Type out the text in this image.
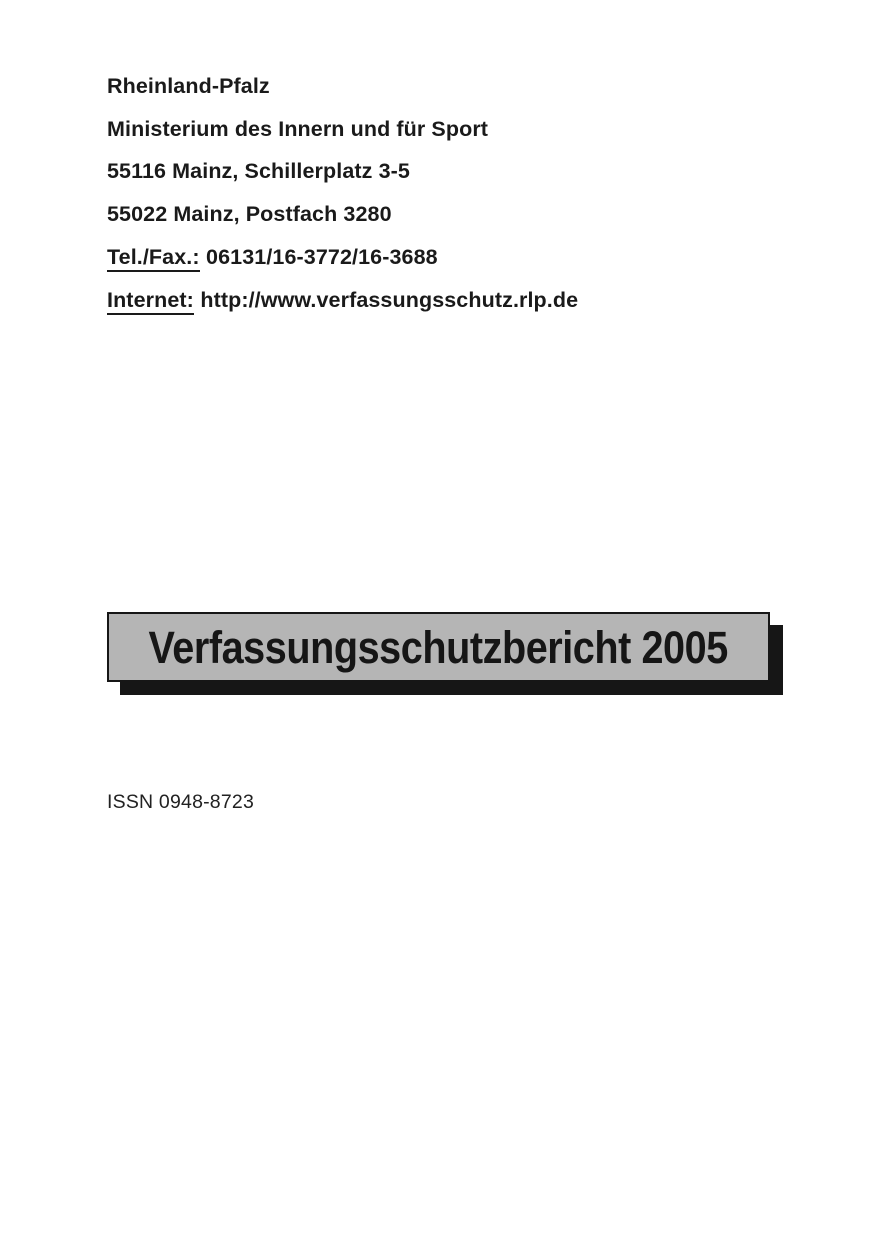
Rheinland-Pfalz
Ministerium des Innern und für Sport
55116 Mainz, Schillerplatz 3-5
55022 Mainz, Postfach 3280
Tel./Fax.: 06131/16-3772/16-3688
Internet: http://www.verfassungsschutz.rlp.de
Verfassungsschutzbericht 2005
ISSN 0948-8723
